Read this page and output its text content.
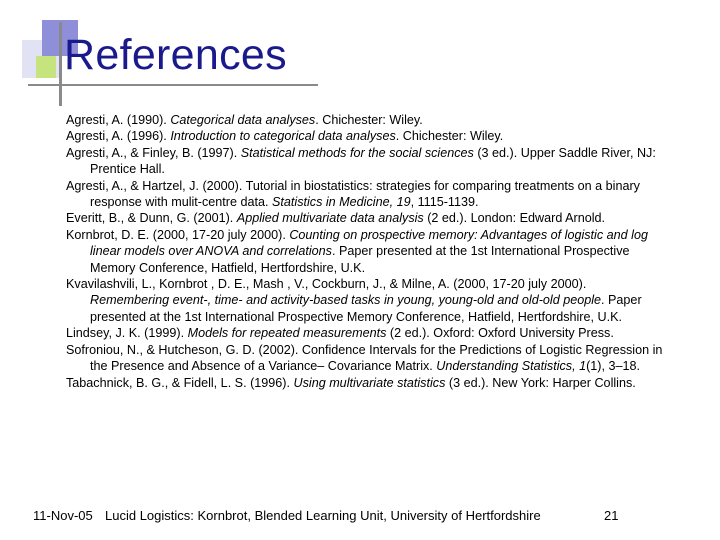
References
Agresti, A. (1990). Categorical data analyses. Chichester: Wiley.
Agresti, A. (1996). Introduction to categorical data analyses. Chichester: Wiley.
Agresti, A., & Finley, B. (1997). Statistical methods for the social sciences (3 ed.). Upper Saddle River, NJ: Prentice Hall.
Agresti, A., & Hartzel, J. (2000). Tutorial in biostatistics: strategies for comparing treatments on a binary response with mulit-centre data. Statistics in Medicine, 19, 1115-1139.
Everitt, B., & Dunn, G. (2001). Applied multivariate data analysis (2 ed.). London: Edward Arnold.
Kornbrot, D. E. (2000, 17-20 july 2000). Counting on prospective memory: Advantages of logistic and log linear models over ANOVA and correlations. Paper presented at the 1st International Prospective Memory Conference, Hatfield, Hertfordshire, U.K.
Kvavilashvili, L., Kornbrot , D. E., Mash , V., Cockburn, J., & Milne, A. (2000, 17-20 july 2000). Remembering event-, time- and activity-based tasks in young, young-old and old-old people. Paper presented at the 1st International Prospective Memory Conference, Hatfield, Hertfordshire, U.K.
Lindsey, J. K. (1999). Models for repeated measurements (2 ed.). Oxford: Oxford University Press.
Sofroniou, N., & Hutcheson, G. D. (2002). Confidence Intervals for the Predictions of Logistic Regression in the Presence and Absence of a Variance– Covariance Matrix. Understanding Statistics, 1(1), 3–18.
Tabachnick, B. G., & Fidell, L. S. (1996). Using multivariate statistics (3 ed.). New York: Harper Collins.
11-Nov-05 Lucid Logistics: Kornbrot, Blended Learning Unit, University of Hertfordshire	21
